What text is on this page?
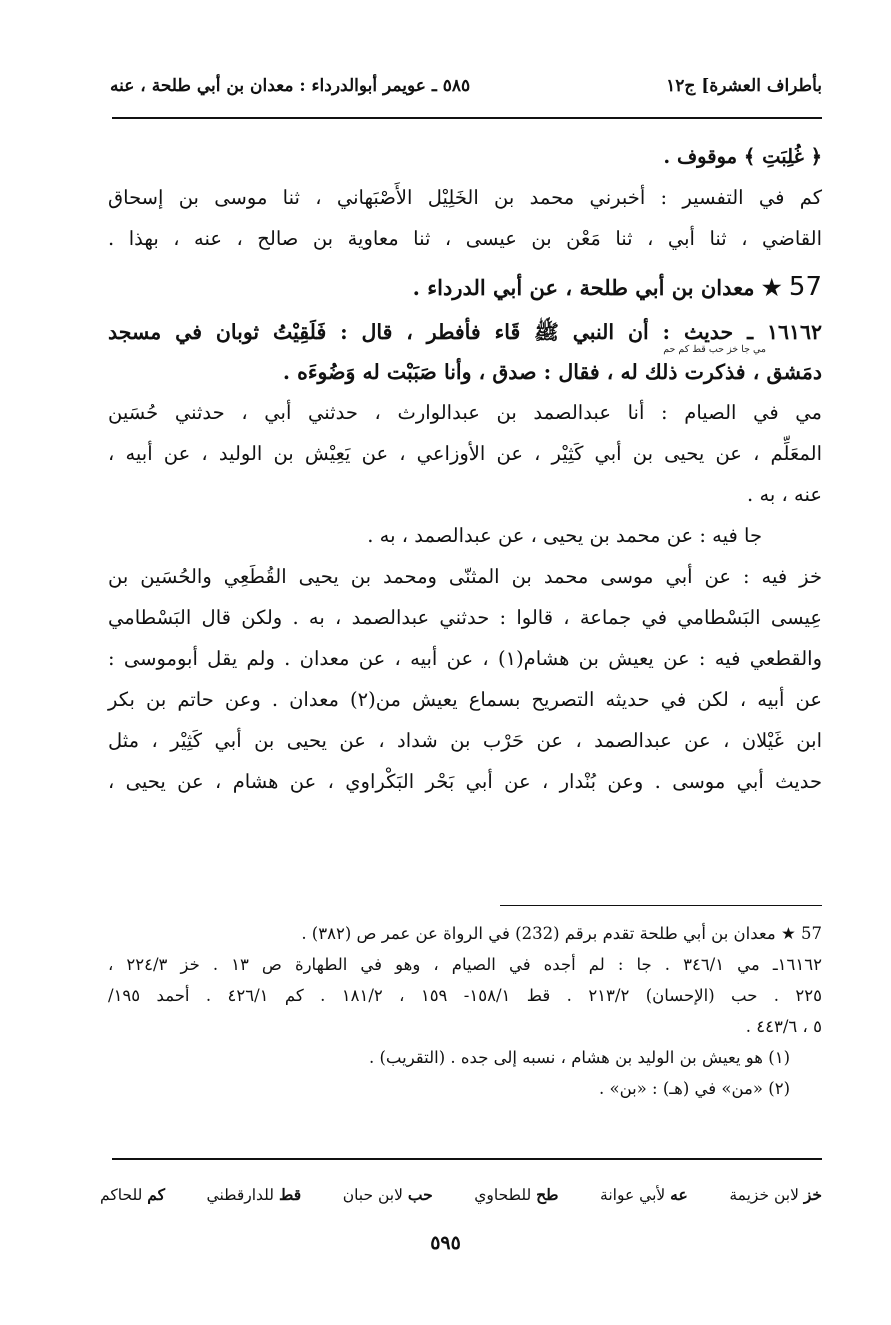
بأطراف العشرة] ج١٢
٥٨٥ ـ عويمر أبوالدرداء : معدان بن أبي طلحة ، عنه
﴿ غُلِبَتِ ﴾ موقوف .
كم في التفسير : أخبرني محمد بن الخَلِيْل الأَصْبَهاني ، ثنا موسى بن إسحاق
القاضي ، ثنا أبي ، ثنا مَعْن بن عيسى ، ثنا معاوية بن صالح ، عنه ، بهذا .
57 ★ معدان بن أبي طلحة ، عن أبي الدرداء .
١٦١٦٢ ـ حديث : أن النبي ﷺ قَاء فأفطر ، قال : فَلَقِيْتُ ثوبان في مسجد
مي جا خز حب قط كم حم
دمَشق ، فذكرت ذلك له ، فقال : صدق ، وأنا صَبَبْت له وَضُوءَه .
مي في الصيام : أنا عبدالصمد بن عبدالوارث ، حدثني أبي ، حدثني حُسَين
المعَلِّم ، عن يحيى بن أبي كَثِيْر ، عن الأوزاعي ، عن يَعِيْش بن الوليد ، عن أبيه ،
عنه ، به .
جا فيه : عن محمد بن يحيى ، عن عبدالصمد ، به .
خز فيه : عن أبي موسى محمد بن المثنّى ومحمد بن يحيى القُطَعِي والحُسَين بن
عِيسى البَسْطامي في جماعة ، قالوا : حدثني عبدالصمد ، به . ولكن قال البَسْطامي
والقطعي فيه : عن يعيش بن هشام(١) ، عن أبيه ، عن معدان . ولم يقل أبوموسى :
عن أبيه ، لكن في حديثه التصريح بسماع يعيش من(٢) معدان . وعن حاتم بن بكر
ابن غَيْلان ، عن عبدالصمد ، عن حَرْب بن شداد ، عن يحيى بن أبي كَثِيْر ، مثل
حديث أبي موسى . وعن بُنْدار ، عن أبي بَحْر البَكْراوي ، عن هشام ، عن يحيى ،
57 ★ معدان بن أبي طلحة تقدم برقم (232) في الرواة عن عمر ص (٣٨٢) .
١٦١٦٢ـ مي ٣٤٦/١ . جا : لم أجده في الصيام ، وهو في الطهارة ص ١٣ . خز ٢٢٤/٣ ،
٢٢٥ . حب (الإحسان) ٢١٣/٢ . قط ١٥٨/١- ١٥٩ ، ١٨١/٢ . كم ٤٢٦/١ . أحمد ١٩٥/
٥ ، ٤٤٣/٦ .
(١) هو يعيش بن الوليد بن هشام ، نسبه إلى جده . (التقريب) .
(٢) «من» في (هـ) : «بن» .
خز لابن خزيمة
عه لأبي عوانة
طح للطحاوي
حب لابن حبان
قط للدارقطني
كم للحاكم
٥٩٥
